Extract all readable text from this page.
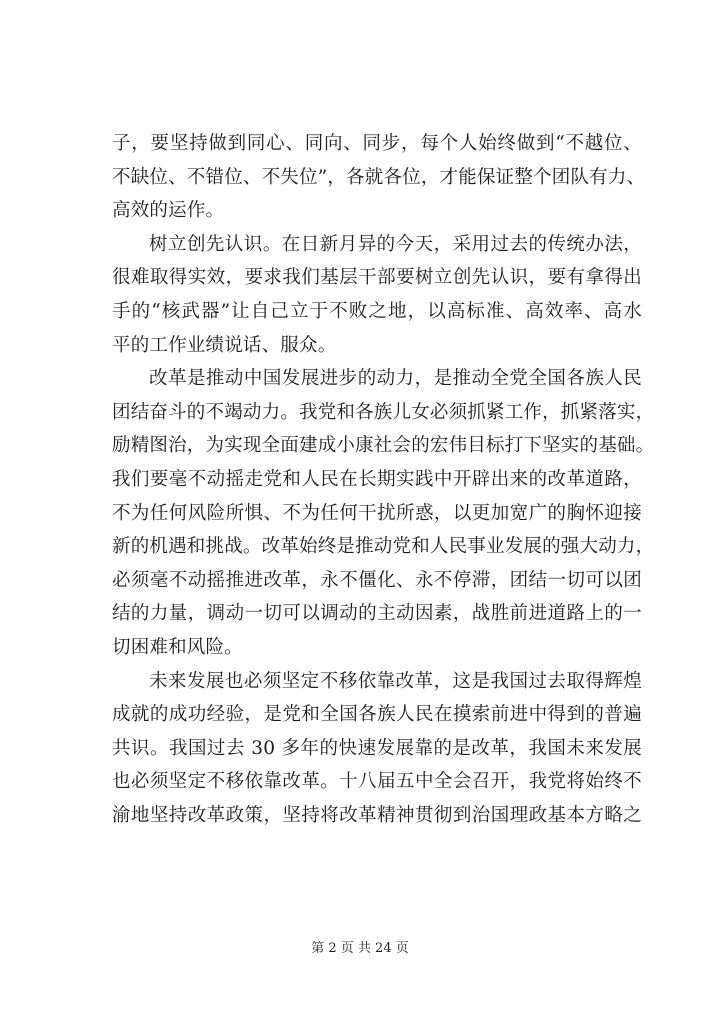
子，要坚持做到同心、同向、同步，每个人始终做到“不越位、
不缺位、不错位、不失位”，各就各位，才能保证整个团队有力、
高效的运作。
树立创先认识。在日新月异的今天，采用过去的传统办法，
很难取得实效，要求我们基层干部要树立创先认识，要有拿得出
手的“核武器”让自己立于不败之地，以高标准、高效率、高水
平的工作业绩说话、服众。
改革是推动中国发展进步的动力，是推动全党全国各族人民
团结奋斗的不竭动力。我党和各族儿女必须抓紧工作，抓紧落实，
励精图治，为实现全面建成小康社会的宏伟目标打下坚实的基础。
我们要毫不动摇走党和人民在长期实践中开辟出来的改革道路，
不为任何风险所惧、不为任何干扰所惑，以更加宽广的胸怀迎接
新的机遇和挑战。改革始终是推动党和人民事业发展的强大动力，
必须毫不动摇推进改革，永不僵化、永不停滞，团结一切可以团
结的力量，调动一切可以调动的主动因素，战胜前进道路上的一
切困难和风险。
未来发展也必须坚定不移依靠改革，这是我国过去取得辉煌
成就的成功经验，是党和全国各族人民在摸索前进中得到的普遍
共识。我国过去 30 多年的快速发展靠的是改革，我国未来发展
也必须坚定不移依靠改革。十八届五中全会召开，我党将始终不
渝地坚持改革政策，坚持将改革精神贯彻到治国理政基本方略之
第 2 页 共 24 页
